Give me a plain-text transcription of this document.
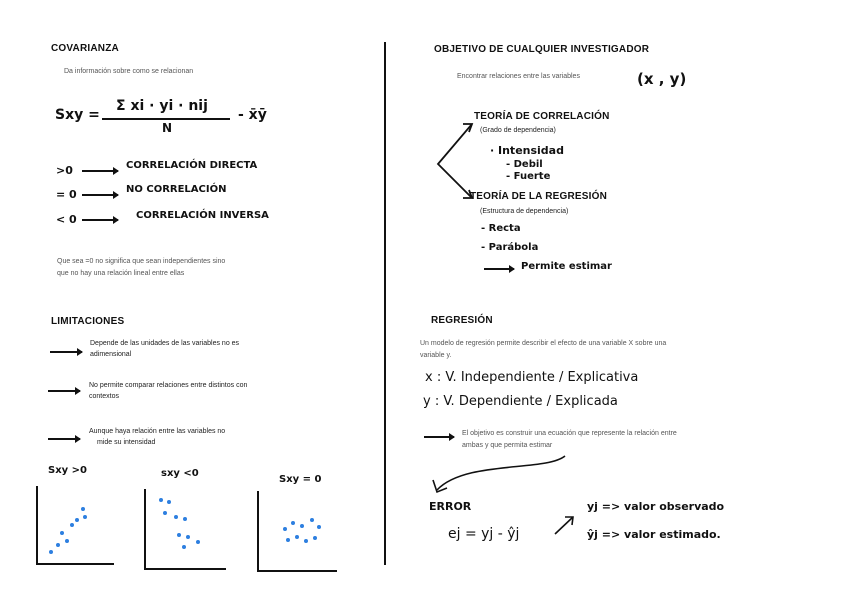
COVARIANZA
Da información sobre como se relacionan
Sxy =
Σ xi · yi · nij
N
- x̄ȳ
>0	CORRELACIÓN DIRECTA
= 0	NO CORRELACIÓN
< 0	CORRELACIÓN INVERSA
Que sea =0 no significa que sean independientes sino
que no hay una relación lineal entre ellas
LIMITACIONES
Depende de las unidades de las variables no es
adimensional
No permite comparar relaciones entre distintos con
contextos
Aunque haya relación entre las variables no
mide su intensidad
Sxy >0	sxy <0
Sxy = 0
OBJETIVO DE CUALQUIER INVESTIGADOR
Encontrar relaciones entre las variables	(x , y)
TEORÍA DE CORRELACIÓN
(Grado de dependencia)
· Intensidad
- Debil
- Fuerte
TEORÍA DE LA REGRESIÓN
(Estructura de dependencia)
- Recta
- Parábola
Permite estimar
REGRESIÓN
Un modelo de regresión permite describir el efecto de una variable X sobre una
variable y.
x : V. Independiente / Explicativa
y : V. Dependiente / Explicada
El objetivo es construir una ecuación que represente la relación entre
ambas y que permita estimar
ERROR
ej = yj - ŷj
yj => valor observado
ŷj => valor estimado.
